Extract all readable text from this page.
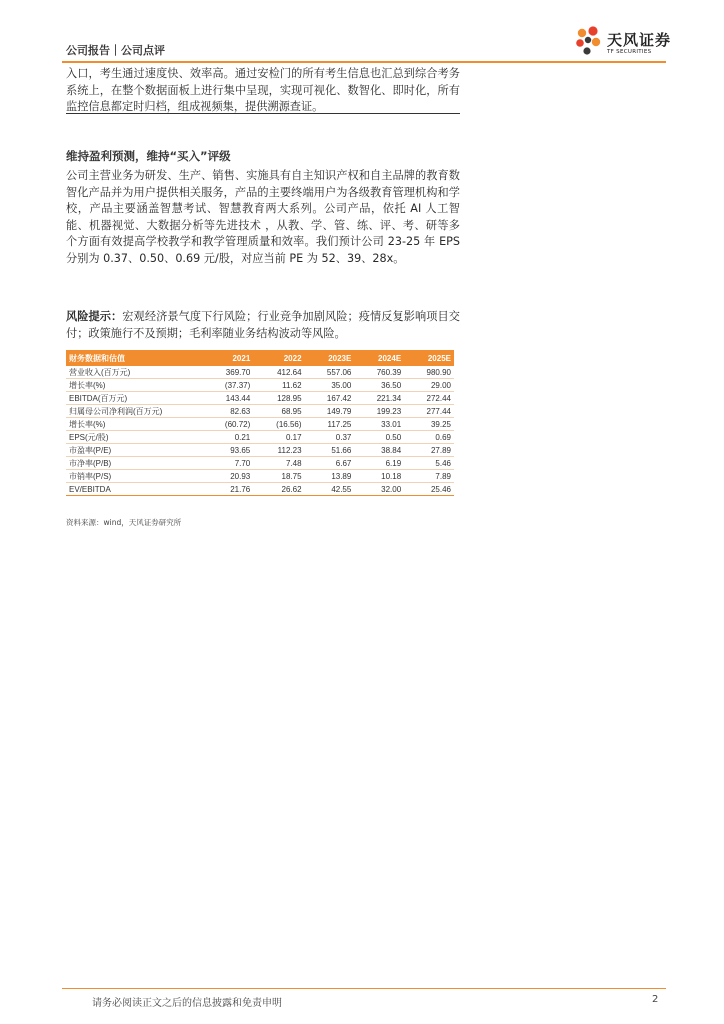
公司报告｜公司点评
天风证券
TF SECURITIES
入口，考生通过速度快、效率高。通过安检门的所有考生信息也汇总到综合考务系统上，在整个数据面板上进行集中呈现，实现可视化、数智化、即时化，所有监控信息都定时归档，组成视频集，提供溯源查证。
维持盈利预测，维持“买入”评级
公司主营业务为研发、生产、销售、实施具有自主知识产权和自主品牌的教育数智化产品并为用户提供相关服务，产品的主要终端用户为各级教育管理机构和学校，产品主要涵盖智慧考试、智慧教育两大系列。公司产品，依托 AI 人工智能、机器视觉、大数据分析等先进技术 ，从教、学、管、练、评、考、研等多个方面有效提高学校教学和教学管理质量和效率。我们预计公司 23-25 年 EPS 分别为 0.37、0.50、0.69 元/股，对应当前 PE 为 52、39、28x。
风险提示：宏观经济景气度下行风险；行业竞争加剧风险；疫情反复影响项目交付；政策施行不及预期；毛利率随业务结构波动等风险。
财务数据和估值	2021	2022	2023E	2024E	2025E
营业收入(百万元)	369.70	412.64	557.06	760.39	980.90
增长率(%)	(37.37)	11.62	35.00	36.50	29.00
EBITDA(百万元)	143.44	128.95	167.42	221.34	272.44
归属母公司净利润(百万元)	82.63	68.95	149.79	199.23	277.44
增长率(%)	(60.72)	(16.56)	117.25	33.01	39.25
EPS(元/股)	0.21	0.17	0.37	0.50	0.69
市盈率(P/E)	93.65	112.23	51.66	38.84	27.89
市净率(P/B)	7.70	7.48	6.67	6.19	5.46
市销率(P/S)	20.93	18.75	13.89	10.18	7.89
EV/EBITDA	21.76	26.62	42.55	32.00	25.46
资料来源：wind，天风证券研究所
请务必阅读正文之后的信息披露和免责申明	2
